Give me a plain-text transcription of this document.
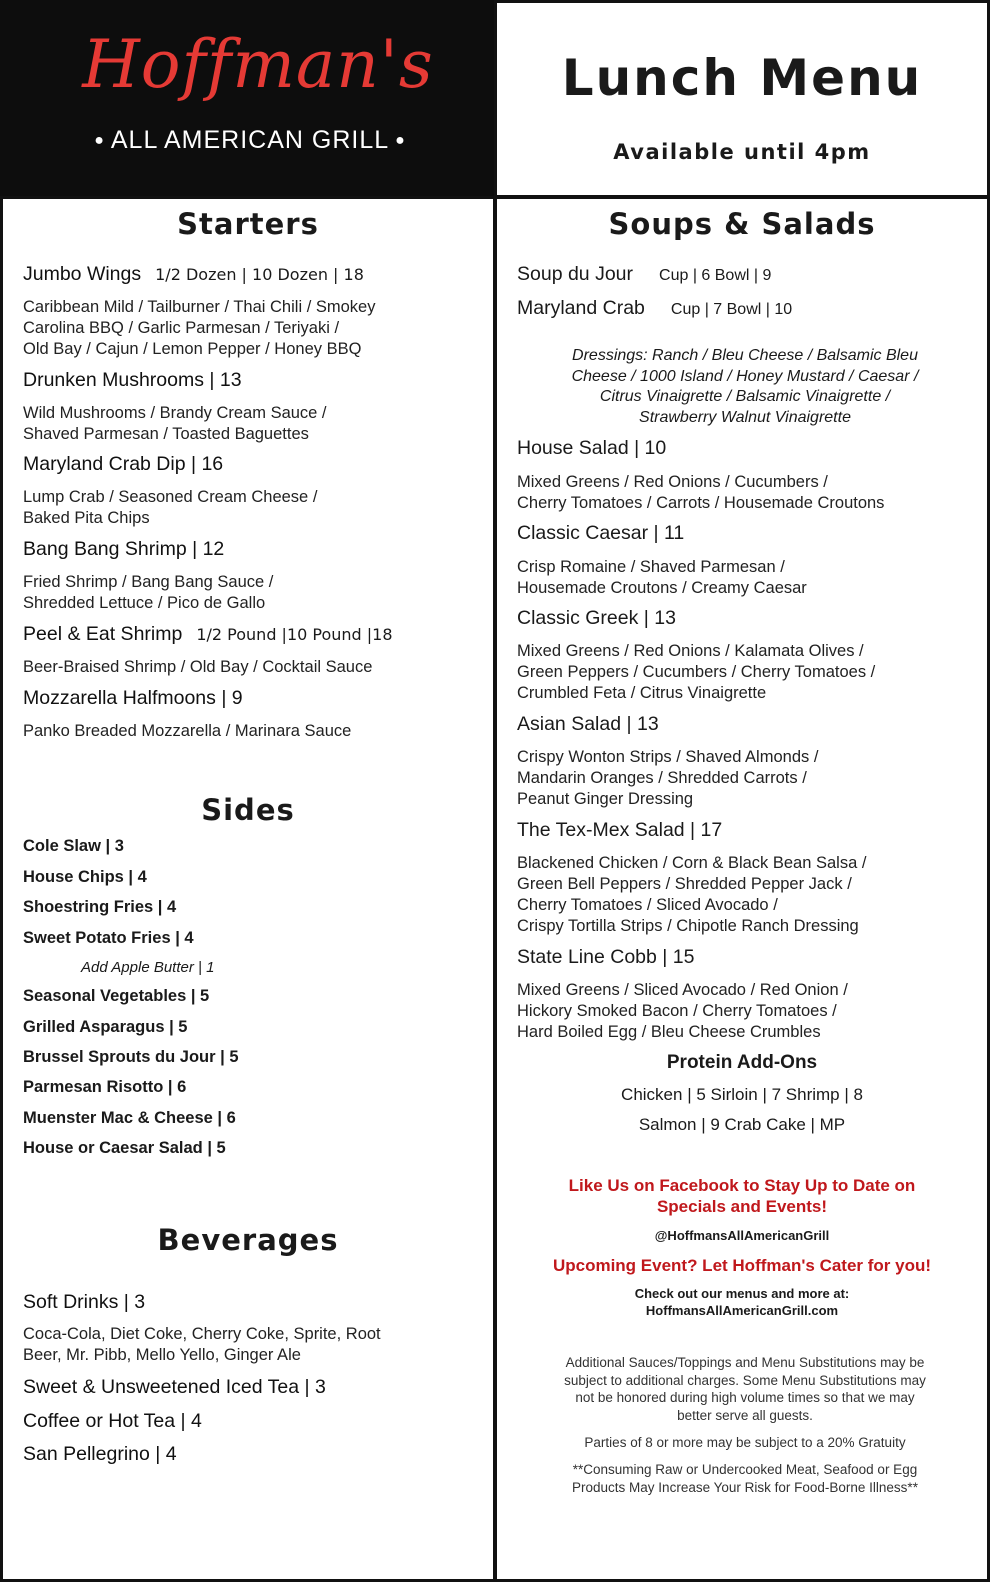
Hoffman's
● ALL AMERICAN GRILL ●
Lunch Menu
Available until 4pm
Starters
Jumbo Wings 1/2 Dozen | 10 Dozen | 18
Caribbean Mild / Tailburner / Thai Chili / Smokey
Carolina BBQ / Garlic Parmesan / Teriyaki /
Old Bay / Cajun / Lemon Pepper / Honey BBQ
Drunken Mushrooms | 13
Wild Mushrooms / Brandy Cream Sauce /
Shaved Parmesan / Toasted Baguettes
Maryland Crab Dip | 16
Lump Crab / Seasoned Cream Cheese /
Baked Pita Chips
Bang Bang Shrimp | 12
Fried Shrimp / Bang Bang Sauce /
Shredded Lettuce / Pico de Gallo
Peel & Eat Shrimp 1/2 Pound |10 Pound |18
Beer-Braised Shrimp / Old Bay / Cocktail Sauce
Mozzarella Halfmoons | 9
Panko Breaded Mozzarella / Marinara Sauce
Sides
Cole Slaw | 3
House Chips | 4
Shoestring Fries | 4
Sweet Potato Fries | 4
Add Apple Butter | 1
Seasonal Vegetables | 5
Grilled Asparagus | 5
Brussel Sprouts du Jour | 5
Parmesan Risotto | 6
Muenster Mac & Cheese | 6
House or Caesar Salad | 5
Beverages
Soft Drinks | 3
Coca-Cola, Diet Coke, Cherry Coke, Sprite, Root
Beer, Mr. Pibb, Mello Yello, Ginger Ale
Sweet & Unsweetened Iced Tea | 3
Coffee or Hot Tea | 4
San Pellegrino | 4
Soups & Salads
Soup du Jour Cup | 6 Bowl | 9
Maryland Crab Cup | 7 Bowl | 10
Dressings: Ranch / Bleu Cheese / Balsamic Bleu
Cheese / 1000 Island / Honey Mustard / Caesar /
Citrus Vinaigrette / Balsamic Vinaigrette /
Strawberry Walnut Vinaigrette
House Salad | 10
Mixed Greens / Red Onions / Cucumbers /
Cherry Tomatoes / Carrots / Housemade Croutons
Classic Caesar | 11
Crisp Romaine / Shaved Parmesan /
Housemade Croutons / Creamy Caesar
Classic Greek | 13
Mixed Greens / Red Onions / Kalamata Olives /
Green Peppers / Cucumbers / Cherry Tomatoes /
Crumbled Feta / Citrus Vinaigrette
Asian Salad | 13
Crispy Wonton Strips / Shaved Almonds /
Mandarin Oranges / Shredded Carrots /
Peanut Ginger Dressing
The Tex-Mex Salad | 17
Blackened Chicken / Corn & Black Bean Salsa /
Green Bell Peppers / Shredded Pepper Jack /
Cherry Tomatoes / Sliced Avocado /
Crispy Tortilla Strips / Chipotle Ranch Dressing
State Line Cobb | 15
Mixed Greens / Sliced Avocado / Red Onion /
Hickory Smoked Bacon / Cherry Tomatoes /
Hard Boiled Egg / Bleu Cheese Crumbles
Protein Add-Ons
Chicken | 5 Sirloin | 7 Shrimp | 8
Salmon | 9 Crab Cake | MP
Like Us on Facebook to Stay Up to Date on
Specials and Events!
@HoffmansAllAmericanGrill
Upcoming Event? Let Hoffman's Cater for you!
Check out our menus and more at:
HoffmansAllAmericanGrill.com
Additional Sauces/Toppings and Menu Substitutions may be
subject to additional charges. Some Menu Substitutions may
not be honored during high volume times so that we may
better serve all guests.
Parties of 8 or more may be subject to a 20% Gratuity
**Consuming Raw or Undercooked Meat, Seafood or Egg
Products May Increase Your Risk for Food-Borne Illness**
